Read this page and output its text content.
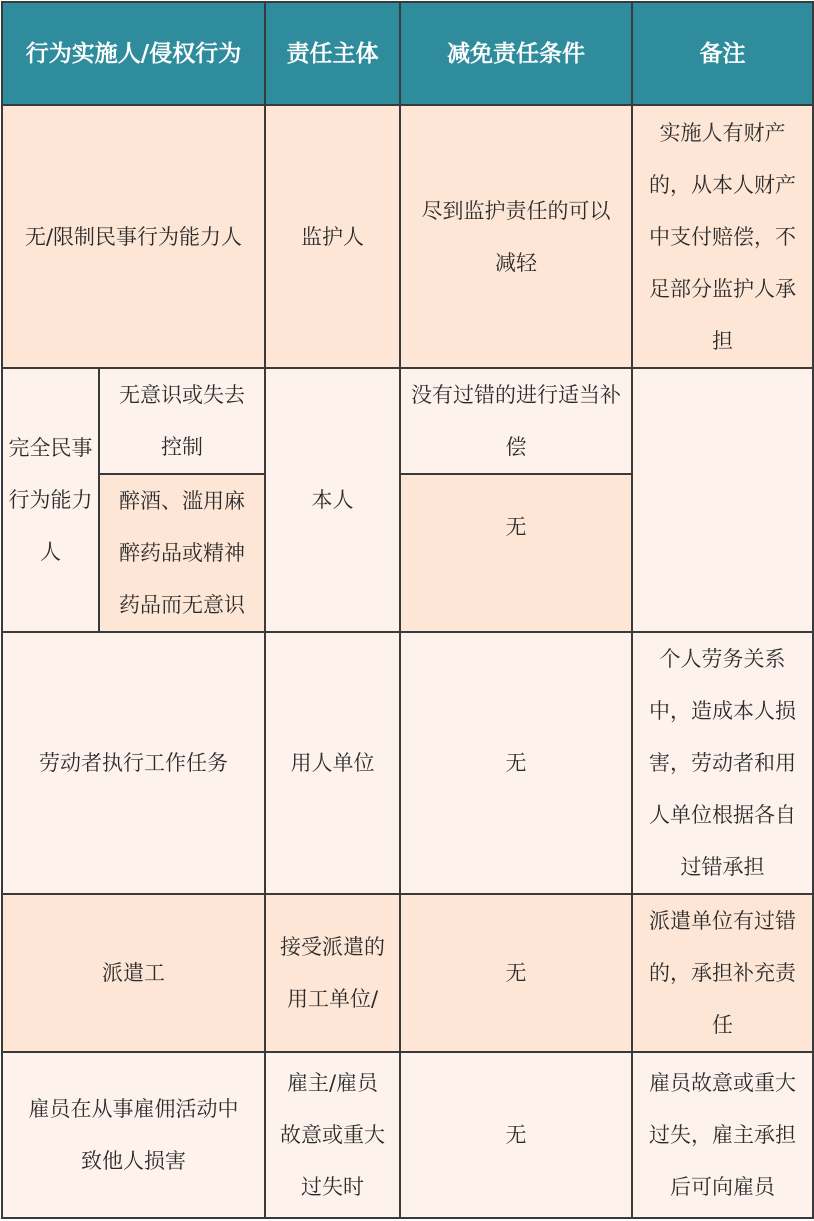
行为实施人/侵权行为		责任主体	减免责任条件	备注
无/限制民事行为能力人		监护人	尽到监护责任的可以减轻	实施人有财产的，从本人财产中支付赔偿，不足部分监护人承担
完全民事行为能力人	无意识或失去控制	本人	没有过错的进行适当补偿	
	醉酒、滥用麻醉药品或精神药品而无意识		无	
劳动者执行工作任务		用人单位	无	个人劳务关系中，造成本人损害，劳动者和用人单位根据各自过错承担
派遣工		接受派遣的用工单位/	无	派遣单位有过错的，承担补充责任
雇员在从事雇佣活动中致他人损害		雇主/雇员故意或重大过失时	无	雇员故意或重大过失，雇主承担后可向雇员
